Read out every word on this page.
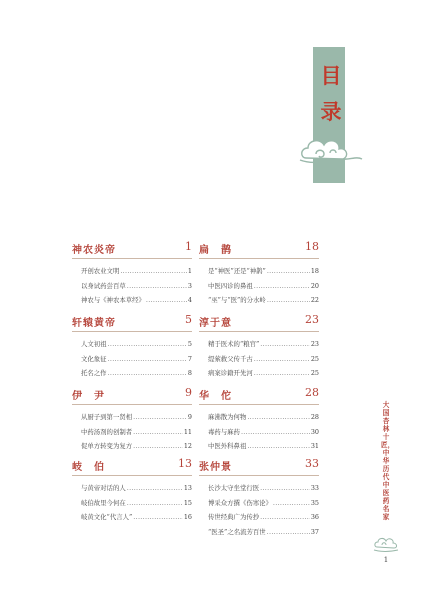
目
录
神农炎帝	1
开创农业文明 .....	1
以身试药尝百草 .....	3
神农与《神农本草经》 .....	4
轩辕黄帝	5
人文初祖 .....	5
文化象征 .....	7
托名之作 .....	8
伊　尹	9
从厨子到第一贤相 .....	9
中药汤剂的创制者 .....	11
促单方转变为复方 .....	12
岐　伯	13
与黄帝对话的人 .....	13
岐伯故里今何在 .....	15
岐黄文化“代言人” .....	16
扁　鹊	18
是“神医”还是“神鹊” .....	18
中医四诊的鼻祖 .....	20
“巫”与“医”的分水岭 .....	22
淳于意	23
精于医术的“粮官” .....	23
缇萦救父传千古 .....	25
病案诊籍开先河 .....	25
华　佗	28
麻沸散为何物 .....	28
毒药与麻药 .....	30
中医外科鼻祖 .....	31
张仲景	33
长沙太守坐堂行医 .....	33
博采众方撰《伤寒论》 .....	35
传世经典广为传抄 .....	36
“医圣”之名流芳百世 .....	37
大国杏林十匠，中华历代中医药名家
1
